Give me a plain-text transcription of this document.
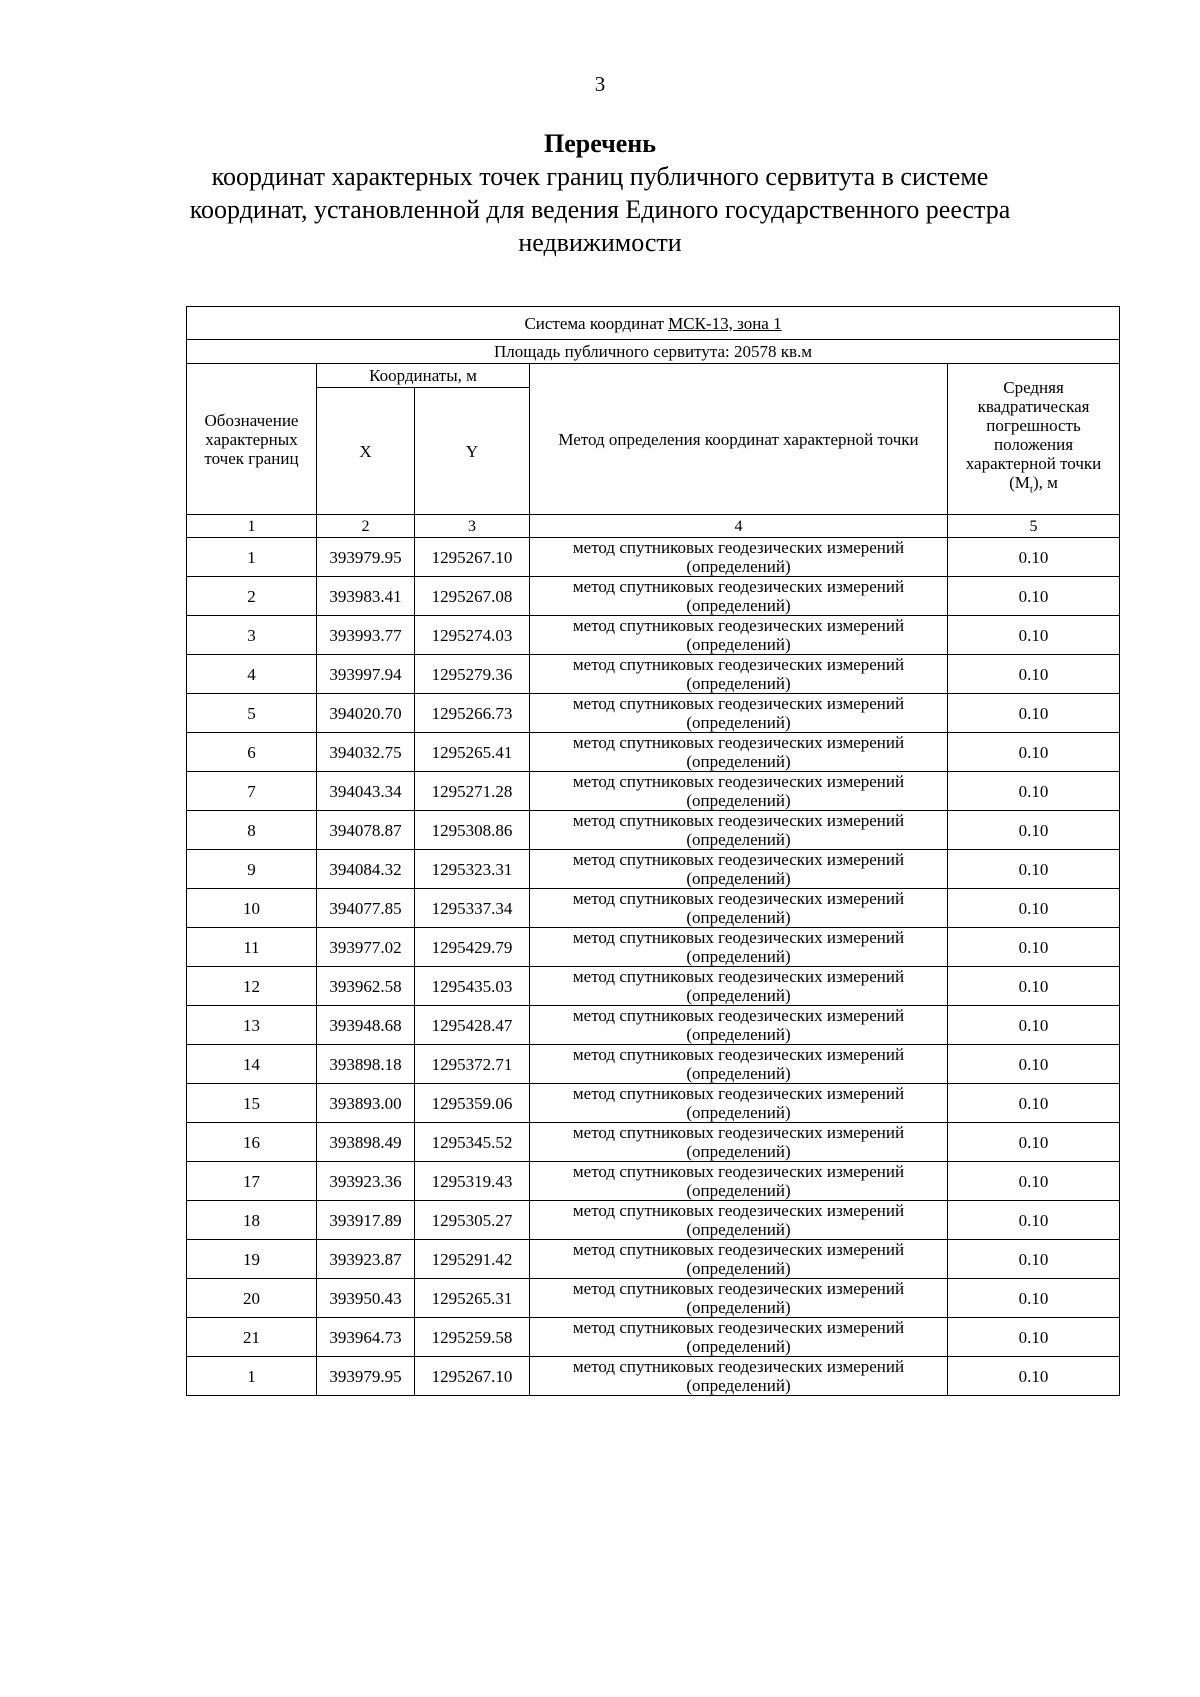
3
Перечень
координат характерных точек границ публичного сервитута в системе координат, установленной для ведения Единого государственного реестра недвижимости
Система координат МСК-13, зона 1				
Площадь публичного сервитута: 20578 кв.м				
Обозначение характерных точек границ	Координаты, м		Метод определения координат характерной точки	Средняя квадратическая погрешность положения характерной точки $(M_t)$, м
	X	Y		
1	2	3	4	5
1	393979.95	1295267.10	метод спутниковых геодезических измерений (определений)	0.10
2	393983.41	1295267.08	метод спутниковых геодезических измерений (определений)	0.10
3	393993.77	1295274.03	метод спутниковых геодезических измерений (определений)	0.10
4	393997.94	1295279.36	метод спутниковых геодезических измерений (определений)	0.10
5	394020.70	1295266.73	метод спутниковых геодезических измерений (определений)	0.10
6	394032.75	1295265.41	метод спутниковых геодезических измерений (определений)	0.10
7	394043.34	1295271.28	метод спутниковых геодезических измерений (определений)	0.10
8	394078.87	1295308.86	метод спутниковых геодезических измерений (определений)	0.10
9	394084.32	1295323.31	метод спутниковых геодезических измерений (определений)	0.10
10	394077.85	1295337.34	метод спутниковых геодезических измерений (определений)	0.10
11	393977.02	1295429.79	метод спутниковых геодезических измерений (определений)	0.10
12	393962.58	1295435.03	метод спутниковых геодезических измерений (определений)	0.10
13	393948.68	1295428.47	метод спутниковых геодезических измерений (определений)	0.10
14	393898.18	1295372.71	метод спутниковых геодезических измерений (определений)	0.10
15	393893.00	1295359.06	метод спутниковых геодезических измерений (определений)	0.10
16	393898.49	1295345.52	метод спутниковых геодезических измерений (определений)	0.10
17	393923.36	1295319.43	метод спутниковых геодезических измерений (определений)	0.10
18	393917.89	1295305.27	метод спутниковых геодезических измерений (определений)	0.10
19	393923.87	1295291.42	метод спутниковых геодезических измерений (определений)	0.10
20	393950.43	1295265.31	метод спутниковых геодезических измерений (определений)	0.10
21	393964.73	1295259.58	метод спутниковых геодезических измерений (определений)	0.10
1	393979.95	1295267.10	метод спутниковых геодезических измерений (определений)	0.10
